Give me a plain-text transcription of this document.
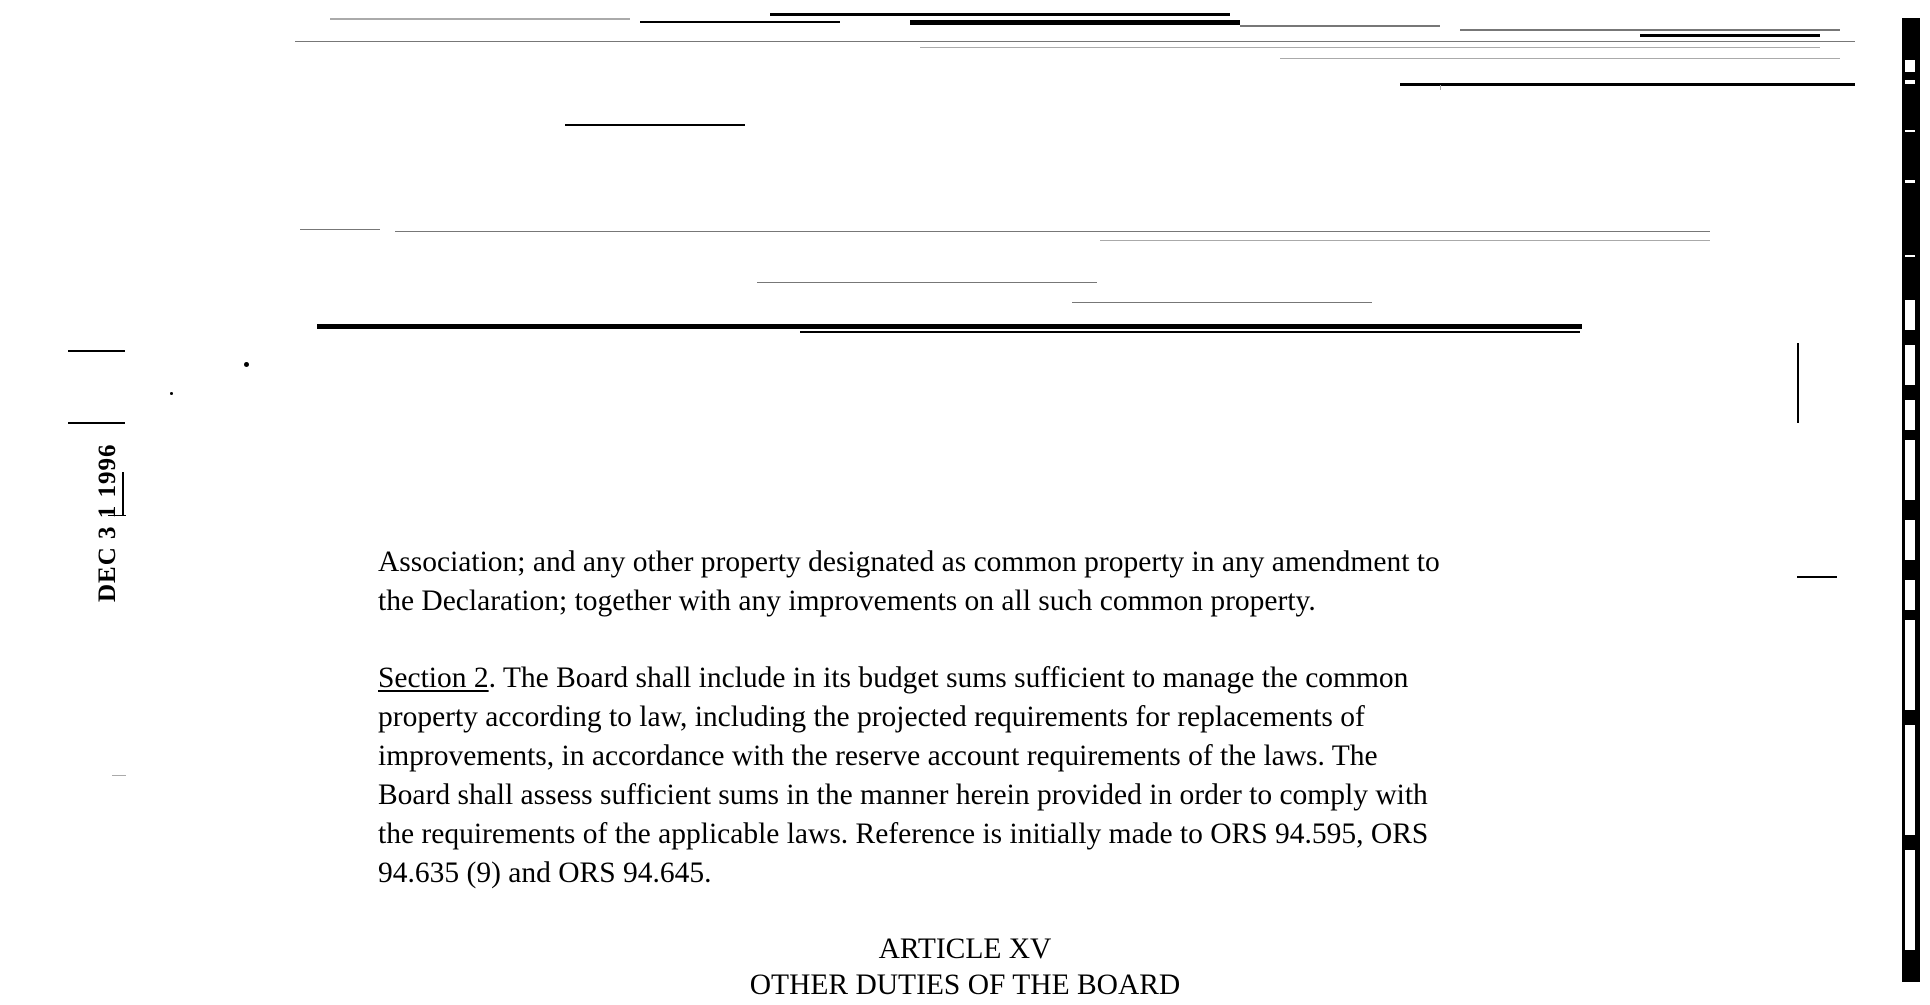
DEC 3 1 1996	Association; and any other property designated as common property in any amendment to
the Declaration; together with any improvements on all such common property.
Section 2. The Board shall include in its budget sums sufficient to manage the common
property according to law, including the projected requirements for replacements of
improvements, in accordance with the reserve account requirements of the laws. The
Board shall assess sufficient sums in the manner herein provided in order to comply with
the requirements of the applicable laws. Reference is initially made to ORS 94.595, ORS
94.635 (9) and ORS 94.645.
ARTICLE XV
OTHER DUTIES OF THE BOARD
